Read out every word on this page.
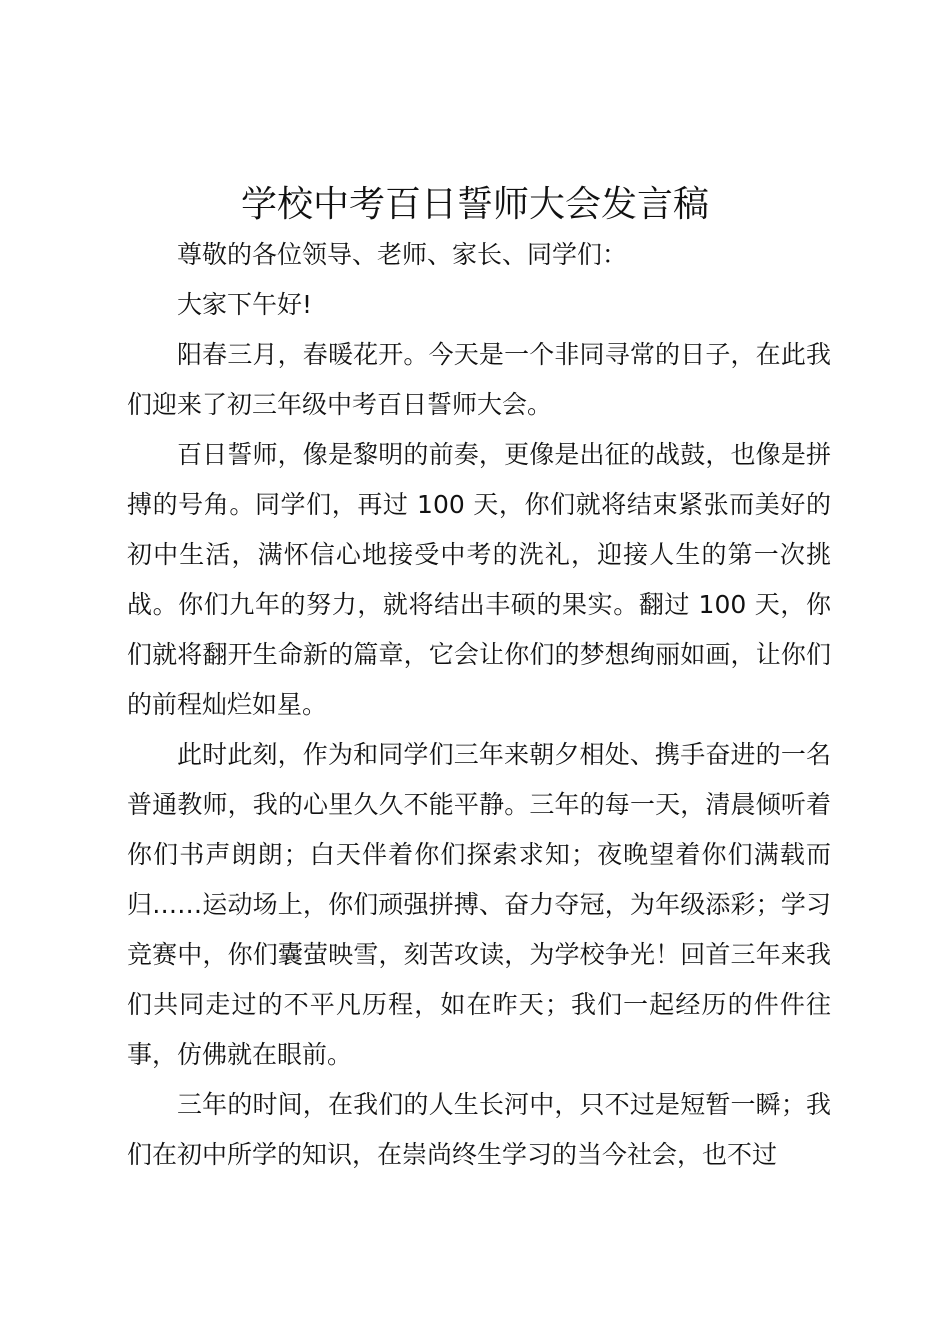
学校中考百日誓师大会发言稿

尊敬的各位领导、老师、家长、同学们：

大家下午好!

阳春三月，春暖花开。今天是一个非同寻常的日子，在此我们迎来了初三年级中考百日誓师大会。

百日誓师，像是黎明的前奏，更像是出征的战鼓，也像是拼搏的号角。同学们，再过 100 天，你们就将结束紧张而美好的初中生活，满怀信心地接受中考的洗礼，迎接人生的第一次挑战。你们九年的努力，就将结出丰硕的果实。翻过 100 天，你们就将翻开生命新的篇章，它会让你们的梦想绚丽如画，让你们的前程灿烂如星。

此时此刻，作为和同学们三年来朝夕相处、携手奋进的一名普通教师，我的心里久久不能平静。三年的每一天，清晨倾听着你们书声朗朗；白天伴着你们探索求知；夜晚望着你们满载而归……运动场上，你们顽强拼搏、奋力夺冠，为年级添彩；学习竞赛中，你们囊萤映雪，刻苦攻读，为学校争光！回首三年来我们共同走过的不平凡历程，如在昨天；我们一起经历的件件往事，仿佛就在眼前。

三年的时间，在我们的人生长河中，只不过是短暂一瞬；我们在初中所学的知识，在崇尚终生学习的当今社会，也不过
